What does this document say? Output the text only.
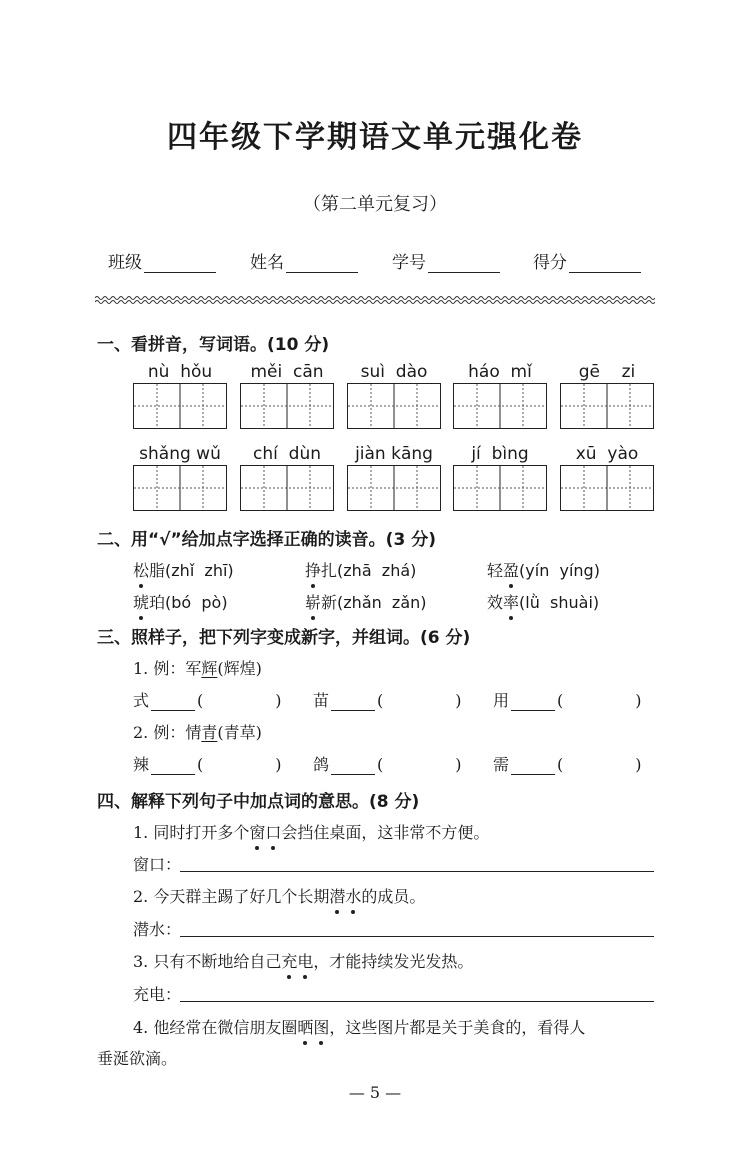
四年级下学期语文单元强化卷
（第二单元复习）
班级	姓名	学号	得分
一、看拼音，写词语。(10 分)
nù  hǒu	měi  cān	suì  dào	háo  mǐ	gē    zi
shǎng wǔ	chí  dùn	jiàn kāng	jí  bìng	xū  yào
二、用“√”给加点字选择正确的读音。(3 分)
松脂(zhǐ  zhī)	挣扎(zhā  zhá)	轻盈(yín  yíng)
琥珀(bó  pò)	崭新(zhǎn  zǎn)	效率(lǜ  shuài)
三、照样子，把下列字变成新字，并组词。(6 分)
1. 例：军辉(辉煌)
式	(	) 苗	(	) 用	(	)
2. 例：情青(青草)
辣	(	) 鸽	(	) 需	(	)
四、解释下列句子中加点词的意思。(8 分)
1. 同时打开多个窗口会挡住桌面，这非常不方便。
窗口：
2. 今天群主踢了好几个长期潜水的成员。
潜水：
3. 只有不断地给自己充电，才能持续发光发热。
充电：
4. 他经常在微信朋友圈晒图，这些图片都是关于美食的，看得人
垂涎欲滴。
— 5 —
